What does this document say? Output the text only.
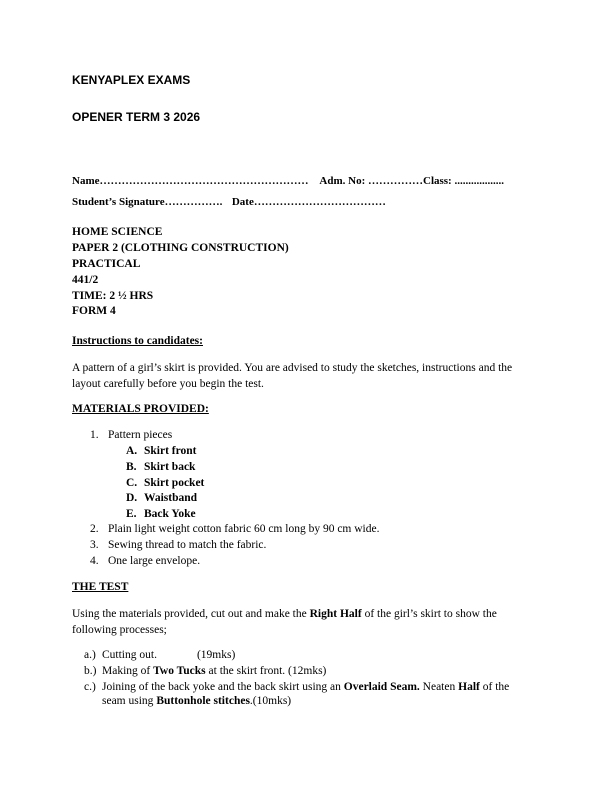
KENYAPLEX EXAMS
OPENER TERM 3 2026
Name………………………………………………… Adm. No: ……………Class: ..................
Student’s Signature……………. Date………………………………
HOME SCIENCE
PAPER 2 (CLOTHING CONSTRUCTION)
PRACTICAL
441/2
TIME: 2 ½ HRS
FORM 4
Instructions to candidates:
A pattern of a girl’s skirt is provided. You are advised to study the sketches, instructions and the layout carefully before you begin the test.
MATERIALS PROVIDED:
1. Pattern pieces
A. Skirt front
B. Skirt back
C. Skirt pocket
D. Waistband
E. Back Yoke
2. Plain light weight cotton fabric 60 cm long by 90 cm wide.
3. Sewing thread to match the fabric.
4. One large envelope.
THE TEST
Using the materials provided, cut out and make the Right Half of the girl’s skirt to show the following processes;
a.) Cutting out.	(19mks)
b.) Making of Two Tucks at the skirt front. (12mks)
c.) Joining of the back yoke and the back skirt using an Overlaid Seam. Neaten Half of the
seam using Buttonhole stitches.(10mks)
